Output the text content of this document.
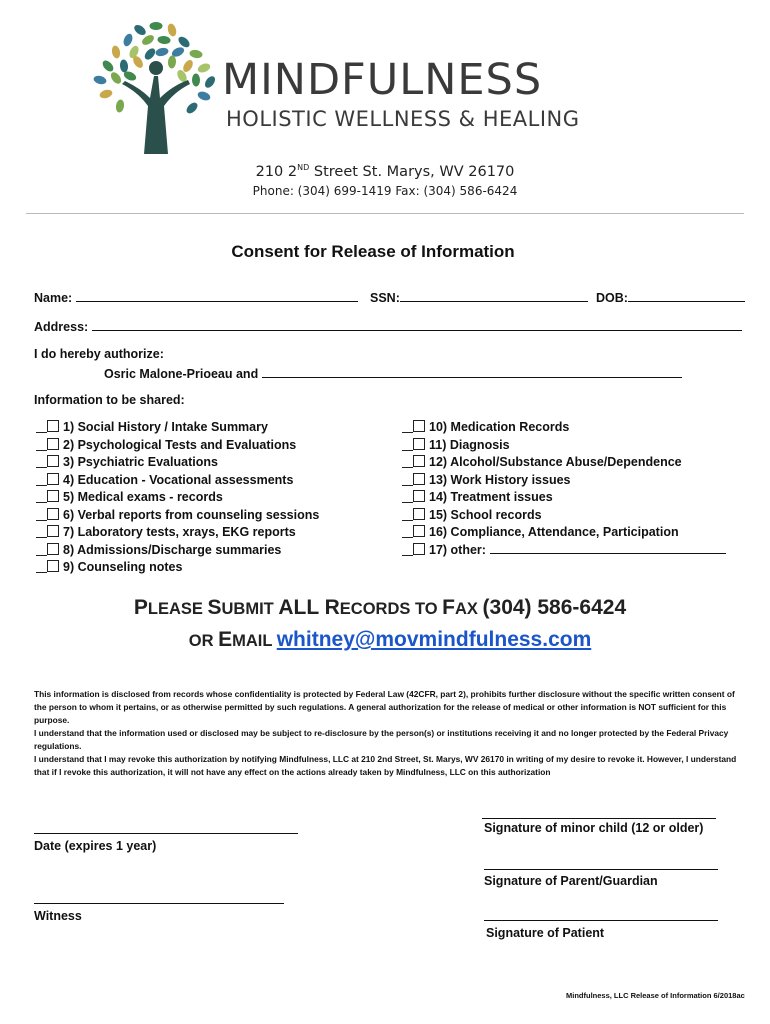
MINDFULNESS
HOLISTIC WELLNESS & HEALING
210 2ND Street St. Marys, WV 26170
Phone: (304) 699-1419 Fax: (304) 586-6424
Consent for Release of Information
Name:	SSN:	DOB:
Address:
I do hereby authorize:
Osric Malone-Prioeau and
Information to be shared:
1) Social History / Intake Summary
2) Psychological Tests and Evaluations
3) Psychiatric Evaluations
4) Education - Vocational assessments
5) Medical exams - records
6) Verbal reports from counseling sessions
7) Laboratory tests, xrays, EKG reports
8) Admissions/Discharge summaries
9) Counseling notes
10) Medication Records
11) Diagnosis
12) Alcohol/Substance Abuse/Dependence
13) Work History issues
14) Treatment issues
15) School records
16) Compliance, Attendance, Participation
17) other:
PLEASE SUBMIT ALL RECORDS TO FAX (304) 586-6424
OR EMAIL whitney@movmindfulness.com
This information is disclosed from records whose confidentiality is protected by Federal Law (42CFR, part 2), prohibits further disclosure without the specific written consent of the person to whom it pertains, or as otherwise permitted by such regulations. A general authorization for the release of medical or other information is NOT sufficient for this purpose.
I understand that the information used or disclosed may be subject to re-disclosure by the person(s) or institutions receiving it and no longer protected by the Federal Privacy regulations.
I understand that I may revoke this authorization by notifying Mindfulness, LLC at 210 2nd Street, St. Marys, WV 26170 in writing of my desire to revoke it. However, I understand that if I revoke this authorization, it will not have any effect on the actions already taken by Mindfulness, LLC on this authorization
Signature of minor child (12 or older)
Date (expires 1 year)
Signature of Parent/Guardian
Witness
Signature of Patient
Mindfulness, LLC Release of Information 6/2018ac
